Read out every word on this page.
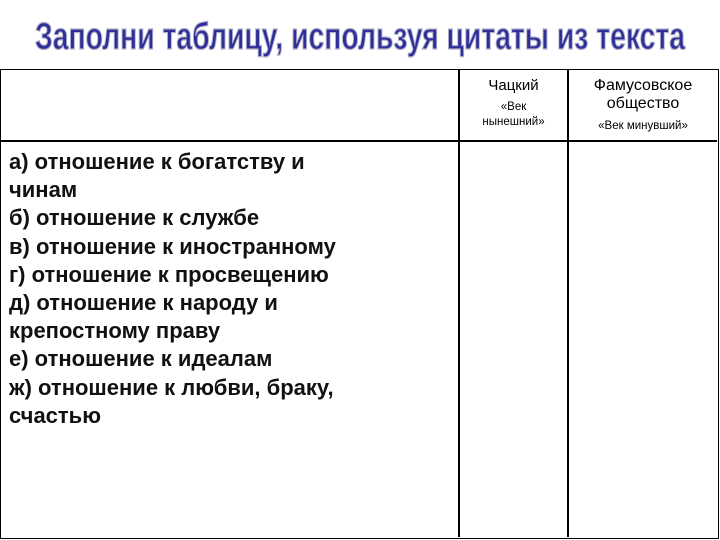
Заполни таблицу, используя цитаты из текста
Чацкий
«Век
нынешний»
Фамусовское
общество
«Век минувший»
а) отношение к богатству и
чинам
б) отношение к службе
в) отношение к иностранному
г) отношение к просвещению
д) отношение к народу и
крепостному праву
е) отношение к идеалам
ж) отношение к любви, браку,
счастью
